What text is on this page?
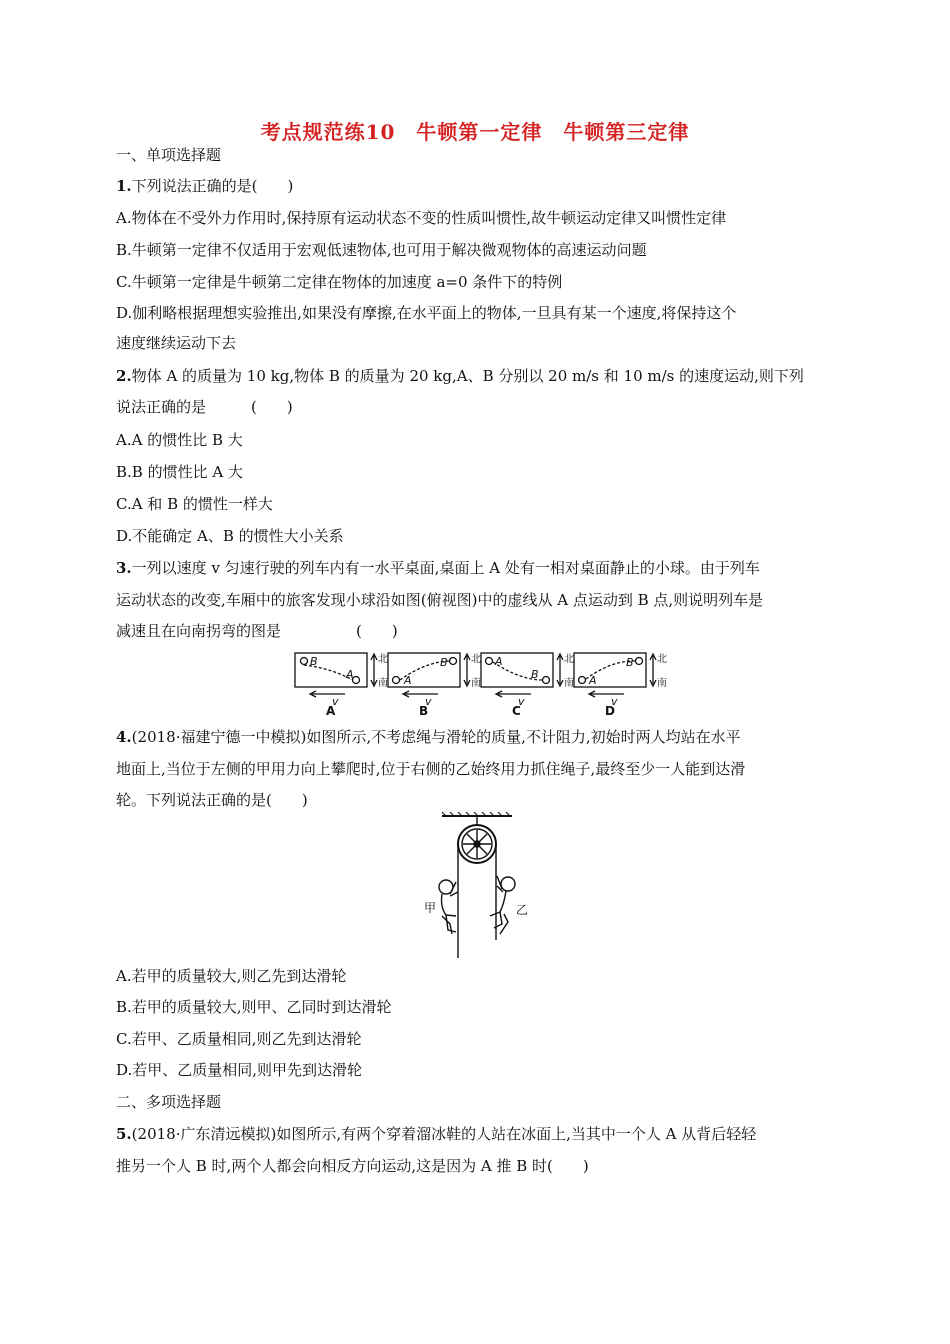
考点规范练10　牛顿第一定律　牛顿第三定律
一、单项选择题
1.下列说法正确的是(　　)
A.物体在不受外力作用时,保持原有运动状态不变的性质叫惯性,故牛顿运动定律又叫惯性定律
B.牛顿第一定律不仅适用于宏观低速物体,也可用于解决微观物体的高速运动问题
C.牛顿第一定律是牛顿第二定律在物体的加速度 a=0 条件下的特例
D.伽利略根据理想实验推出,如果没有摩擦,在水平面上的物体,一旦具有某一个速度,将保持这个
速度继续运动下去
2.物体 A 的质量为 10 kg,物体 B 的质量为 20 kg,A、B 分别以 20 m/s 和 10 m/s 的速度运动,则下列
说法正确的是　　　(　　)
A.A 的惯性比 B 大
B.B 的惯性比 A 大
C.A 和 B 的惯性一样大
D.不能确定 A、B 的惯性大小关系
3.一列以速度 v 匀速行驶的列车内有一水平桌面,桌面上 A 处有一相对桌面静止的小球。由于列车
运动状态的改变,车厢中的旅客发现小球沿如图(俯视图)中的虚线从 A 点运动到 B 点,则说明列车是
减速且在向南拐弯的图是　　　　　(　　)
B
A	A
B	A
B	A
B
v	v	v	v
北
南
北
南
北
南
北
南
A	B	C	D
4.(2018·福建宁德一中模拟)如图所示,不考虑绳与滑轮的质量,不计阻力,初始时两人均站在水平
地面上,当位于左侧的甲用力向上攀爬时,位于右侧的乙始终用力抓住绳子,最终至少一人能到达滑
轮。下列说法正确的是(　　)
甲	乙
A.若甲的质量较大,则乙先到达滑轮
B.若甲的质量较大,则甲、乙同时到达滑轮
C.若甲、乙质量相同,则乙先到达滑轮
D.若甲、乙质量相同,则甲先到达滑轮
二、多项选择题
5.(2018·广东清远模拟)如图所示,有两个穿着溜冰鞋的人站在冰面上,当其中一个人 A 从背后轻轻
推另一个人 B 时,两个人都会向相反方向运动,这是因为 A 推 B 时(　　)
